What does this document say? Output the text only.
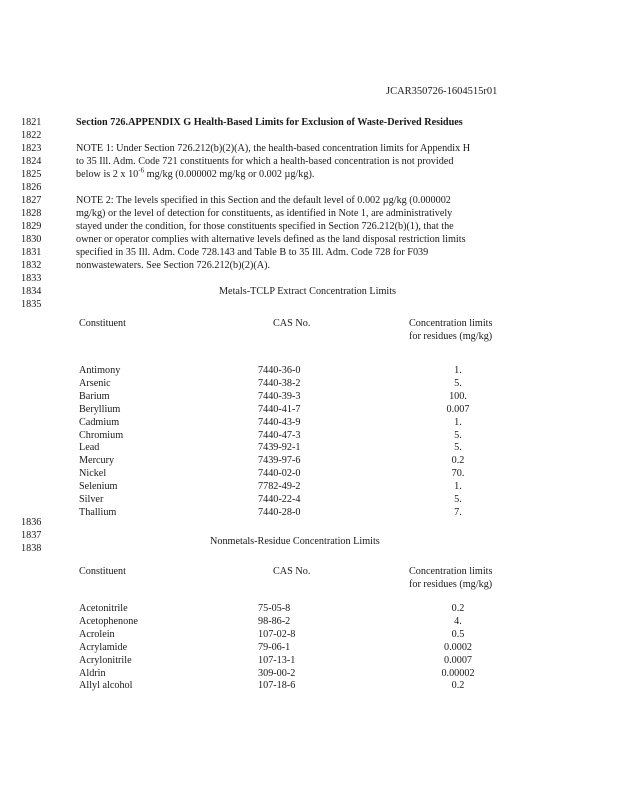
JCAR350726-1604515r01
1821
1822
1823
1824
1825
1826
1827
1828
1829
1830
1831
1832
1833
1834
1835
1836
1837
1838
Section 726.APPENDIX G Health-Based Limits for Exclusion of Waste-Derived Residues
NOTE 1: Under Section 726.212(b)(2)(A), the health-based concentration limits for Appendix H
to 35 Ill. Adm. Code 721 constituents for which a health-based concentration is not provided
below is 2 x $10^{-6}$ mg/kg (0.000002 mg/kg or 0.002 µg/kg).
NOTE 2: The levels specified in this Section and the default level of 0.002 µg/kg (0.000002
mg/kg) or the level of detection for constituents, as identified in Note 1, are administratively
stayed under the condition, for those constituents specified in Section 726.212(b)(1), that the
owner or operator complies with alternative levels defined as the land disposal restriction limits
specified in 35 Ill. Adm. Code 728.143 and Table B to 35 Ill. Adm. Code 728 for F039
nonwastewaters. See Section 726.212(b)(2)(A).
Metals-TCLP Extract Concentration Limits
Constituent	CAS No.	Concentration limits
for residues (mg/kg)
Antimony	7440-36-0	1.
Arsenic	7440-38-2	5.
Barium	7440-39-3	100.
Beryllium	7440-41-7	0.007
Cadmium	7440-43-9	1.
Chromium	7440-47-3	5.
Lead	7439-92-1	5.
Mercury	7439-97-6	0.2
Nickel	7440-02-0	70.
Selenium	7782-49-2	1.
Silver	7440-22-4	5.
Thallium	7440-28-0	7.
Nonmetals-Residue Concentration Limits
Constituent	CAS No.	Concentration limits
for residues (mg/kg)
Acetonitrile	75-05-8	0.2
Acetophenone	98-86-2	4.
Acrolein	107-02-8	0.5
Acrylamide	79-06-1	0.0002
Acrylonitrile	107-13-1	0.0007
Aldrin	309-00-2	0.00002
Allyl alcohol	107-18-6	0.2
